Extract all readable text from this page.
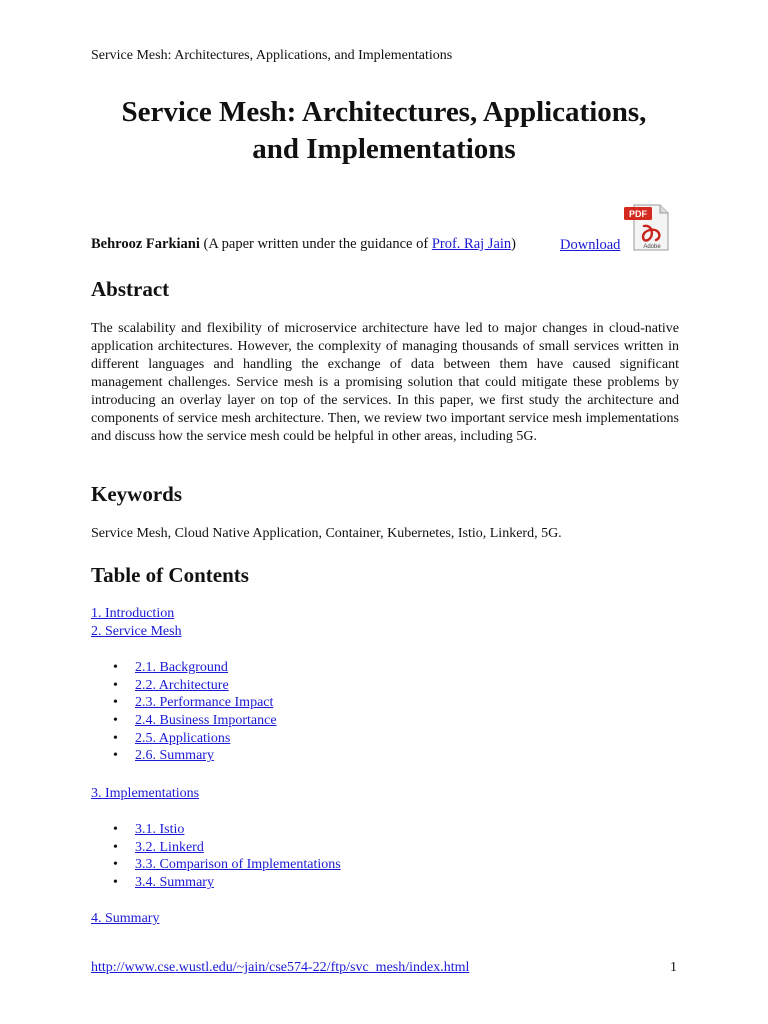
Service Mesh: Architectures, Applications, and Implementations
Service Mesh: Architectures, Applications,
and Implementations
Behrooz Farkiani (A paper written under the guidance of Prof. Raj Jain)	Download
PDF
Adobe
Abstract

The scalability and flexibility of microservice architecture have led to major changes in cloud-native application architectures. However, the complexity of managing thousands of small services written in different languages and handling the exchange of data between them have caused significant management challenges. Service mesh is a promising solution that could mitigate these problems by introducing an overlay layer on top of the services. In this paper, we first study the architecture and components of service mesh architecture. Then, we review two important service mesh implementations and discuss how the service mesh could be helpful in other areas, including 5G.

Keywords

Service Mesh, Cloud Native Application, Container, Kubernetes, Istio, Linkerd, 5G.

Table of Contents
1. Introduction
2. Service Mesh
• 2.1. Background
• 2.2. Architecture
• 2.3. Performance Impact
• 2.4. Business Importance
• 2.5. Applications
• 2.6. Summary
3. Implementations
• 3.1. Istio
• 3.2. Linkerd
• 3.3. Comparison of Implementations
• 3.4. Summary
4. Summary
http://www.cse.wustl.edu/~jain/cse574-22/ftp/svc_mesh/index.html	1
